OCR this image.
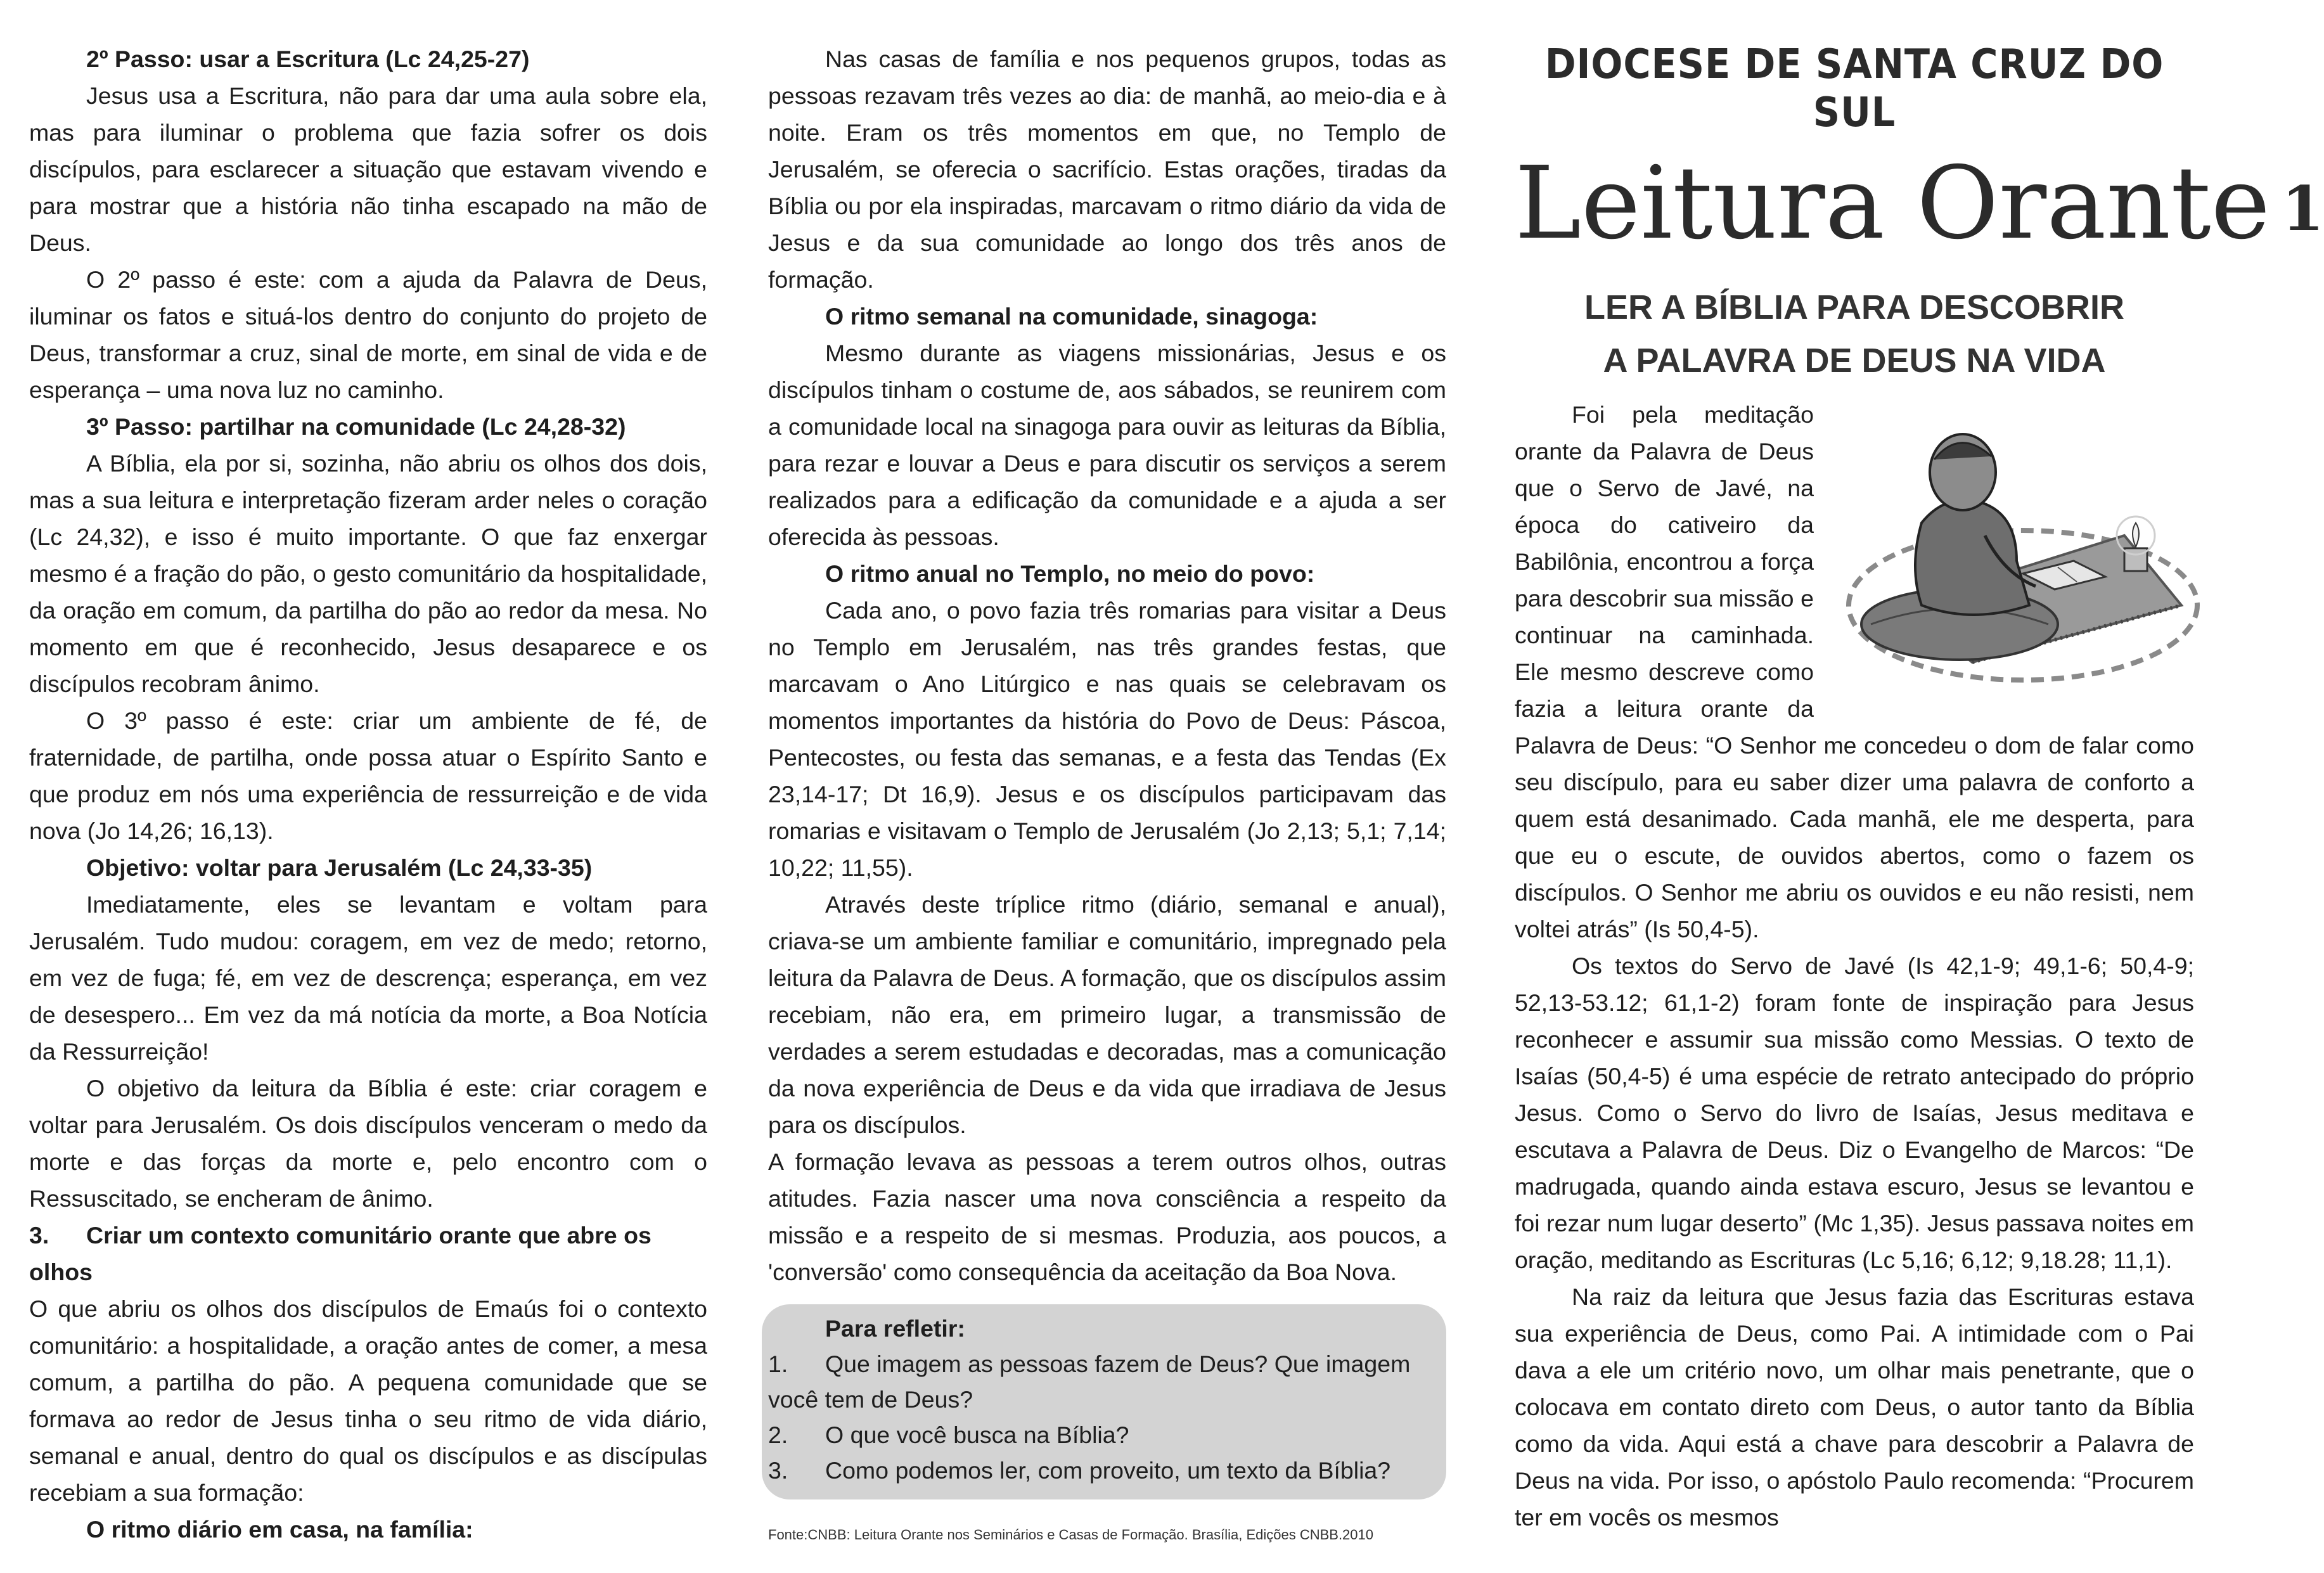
2º Passo: usar a Escritura (Lc 24,25-27)

Jesus usa a Escritura, não para dar uma aula sobre ela, mas para iluminar o problema que fazia sofrer os dois discípulos, para esclarecer a situação que estavam vivendo e para mostrar que a história não tinha escapado na mão de Deus.

O 2º passo é este: com a ajuda da Palavra de Deus, iluminar os fatos e situá-los dentro do conjunto do projeto de Deus, transformar a cruz, sinal de morte, em sinal de vida e de esperança – uma nova luz no caminho.

3º Passo: partilhar na comunidade (Lc 24,28-32)

A Bíblia, ela por si, sozinha, não abriu os olhos dos dois, mas a sua leitura e interpretação fizeram arder neles o coração (Lc 24,32), e isso é muito importante. O que faz enxergar mesmo é a fração do pão, o gesto comunitário da hospitalidade, da oração em comum, da partilha do pão ao redor da mesa. No momento em que é reconhecido, Jesus desaparece e os discípulos recobram ânimo.

O 3º passo é este: criar um ambiente de fé, de fraternidade, de partilha, onde possa atuar o Espírito Santo e que produz em nós uma experiência de ressurreição e de vida nova (Jo 14,26; 16,13).

Objetivo: voltar para Jerusalém (Lc 24,33-35)

Imediatamente, eles se levantam e voltam para Jerusalém. Tudo mudou: coragem, em vez de medo; retorno, em vez de fuga; fé, em vez de descrença; esperança, em vez de desespero... Em vez da má notícia da morte, a Boa Notícia da Ressurreição!

O objetivo da leitura da Bíblia é este: criar coragem e voltar para Jerusalém. Os dois discípulos venceram o medo da morte e das forças da morte e, pelo encontro com o Ressuscitado, se encheram de ânimo.

3. Criar um contexto comunitário orante que abre os olhos

O que abriu os olhos dos discípulos de Emaús foi o contexto comunitário: a hospitalidade, a oração antes de comer, a mesa comum, a partilha do pão. A pequena comunidade que se formava ao redor de Jesus tinha o seu ritmo de vida diário, semanal e anual, dentro do qual os discípulos e as discípulas recebiam a sua formação:

O ritmo diário em casa, na família:

Nas casas de família e nos pequenos grupos, todas as pessoas rezavam três vezes ao dia: de manhã, ao meio-dia e à noite. Eram os três momentos em que, no Templo de Jerusalém, se oferecia o sacrifício. Estas orações, tiradas da Bíblia ou por ela inspiradas, marcavam o ritmo diário da vida de Jesus e da sua comunidade ao longo dos três anos de formação.

O ritmo semanal na comunidade, sinagoga:

Mesmo durante as viagens missionárias, Jesus e os discípulos tinham o costume de, aos sábados, se reunirem com a comunidade local na sinagoga para ouvir as leituras da Bíblia, para rezar e louvar a Deus e para discutir os serviços a serem realizados para a edificação da comunidade e a ajuda a ser oferecida às pessoas.

O ritmo anual no Templo, no meio do povo:

Cada ano, o povo fazia três romarias para visitar a Deus no Templo em Jerusalém, nas três grandes festas, que marcavam o Ano Litúrgico e nas quais se celebravam os momentos importantes da história do Povo de Deus: Páscoa, Pentecostes, ou festa das semanas, e a festa das Tendas (Ex 23,14-17; Dt 16,9). Jesus e os discípulos participavam das romarias e visitavam o Templo de Jerusalém (Jo 2,13; 5,1; 7,14; 10,22; 11,55).

Através deste tríplice ritmo (diário, semanal e anual), criava-se um ambiente familiar e comunitário, impregnado pela leitura da Palavra de Deus. A formação, que os discípulos assim recebiam, não era, em primeiro lugar, a transmissão de verdades a serem estudadas e decoradas, mas a comunicação da nova experiência de Deus e da vida que irradiava de Jesus para os discípulos.

A formação levava as pessoas a terem outros olhos, outras atitudes. Fazia nascer uma nova consciência a respeito da missão e a respeito de si mesmas. Produzia, aos poucos, a 'conversão' como consequência da aceitação da Boa Nova.

Para refletir:
1. Que imagem as pessoas fazem de Deus? Que imagem você tem de Deus?
2. O que você busca na Bíblia?
3. Como podemos ler, com proveito, um texto da Bíblia?
Fonte:CNBB: Leitura Orante nos Seminários e Casas de Formação. Brasília, Edições CNBB.2010
DIOCESE DE SANTA CRUZ DO SUL
Leitura Orante 1
LER A BÍBLIA PARA DESCOBRIR
A PALAVRA DE DEUS NA VIDA

Foi pela meditação orante da Palavra de Deus que o Servo de Javé, na época do cativeiro da Babilônia, encontrou a força para descobrir sua missão e continuar na caminhada. Ele mesmo descreve como fazia a leitura orante da Palavra de Deus: “O Senhor me concedeu o dom de falar como seu discípulo, para eu saber dizer uma palavra de conforto a quem está desanimado. Cada manhã, ele me desperta, para que eu o escute, de ouvidos abertos, como o fazem os discípulos. O Senhor me abriu os ouvidos e eu não resisti, nem voltei atrás” (Is 50,4-5).

Os textos do Servo de Javé (Is 42,1-9; 49,1-6; 50,4-9; 52,13-53.12; 61,1-2) foram fonte de inspiração para Jesus reconhecer e assumir sua missão como Messias. O texto de Isaías (50,4-5) é uma espécie de retrato antecipado do próprio Jesus. Como o Servo do livro de Isaías, Jesus meditava e escutava a Palavra de Deus. Diz o Evangelho de Marcos: “De madrugada, quando ainda estava escuro, Jesus se levantou e foi rezar num lugar deserto” (Mc 1,35). Jesus passava noites em oração, meditando as Escrituras (Lc 5,16; 6,12; 9,18.28; 11,1).

Na raiz da leitura que Jesus fazia das Escrituras estava sua experiência de Deus, como Pai. A intimidade com o Pai dava a ele um critério novo, um olhar mais penetrante, que o colocava em contato direto com Deus, o autor tanto da Bíblia como da vida. Aqui está a chave para descobrir a Palavra de Deus na vida. Por isso, o apóstolo Paulo recomenda: “Procurem ter em vocês os mesmos
